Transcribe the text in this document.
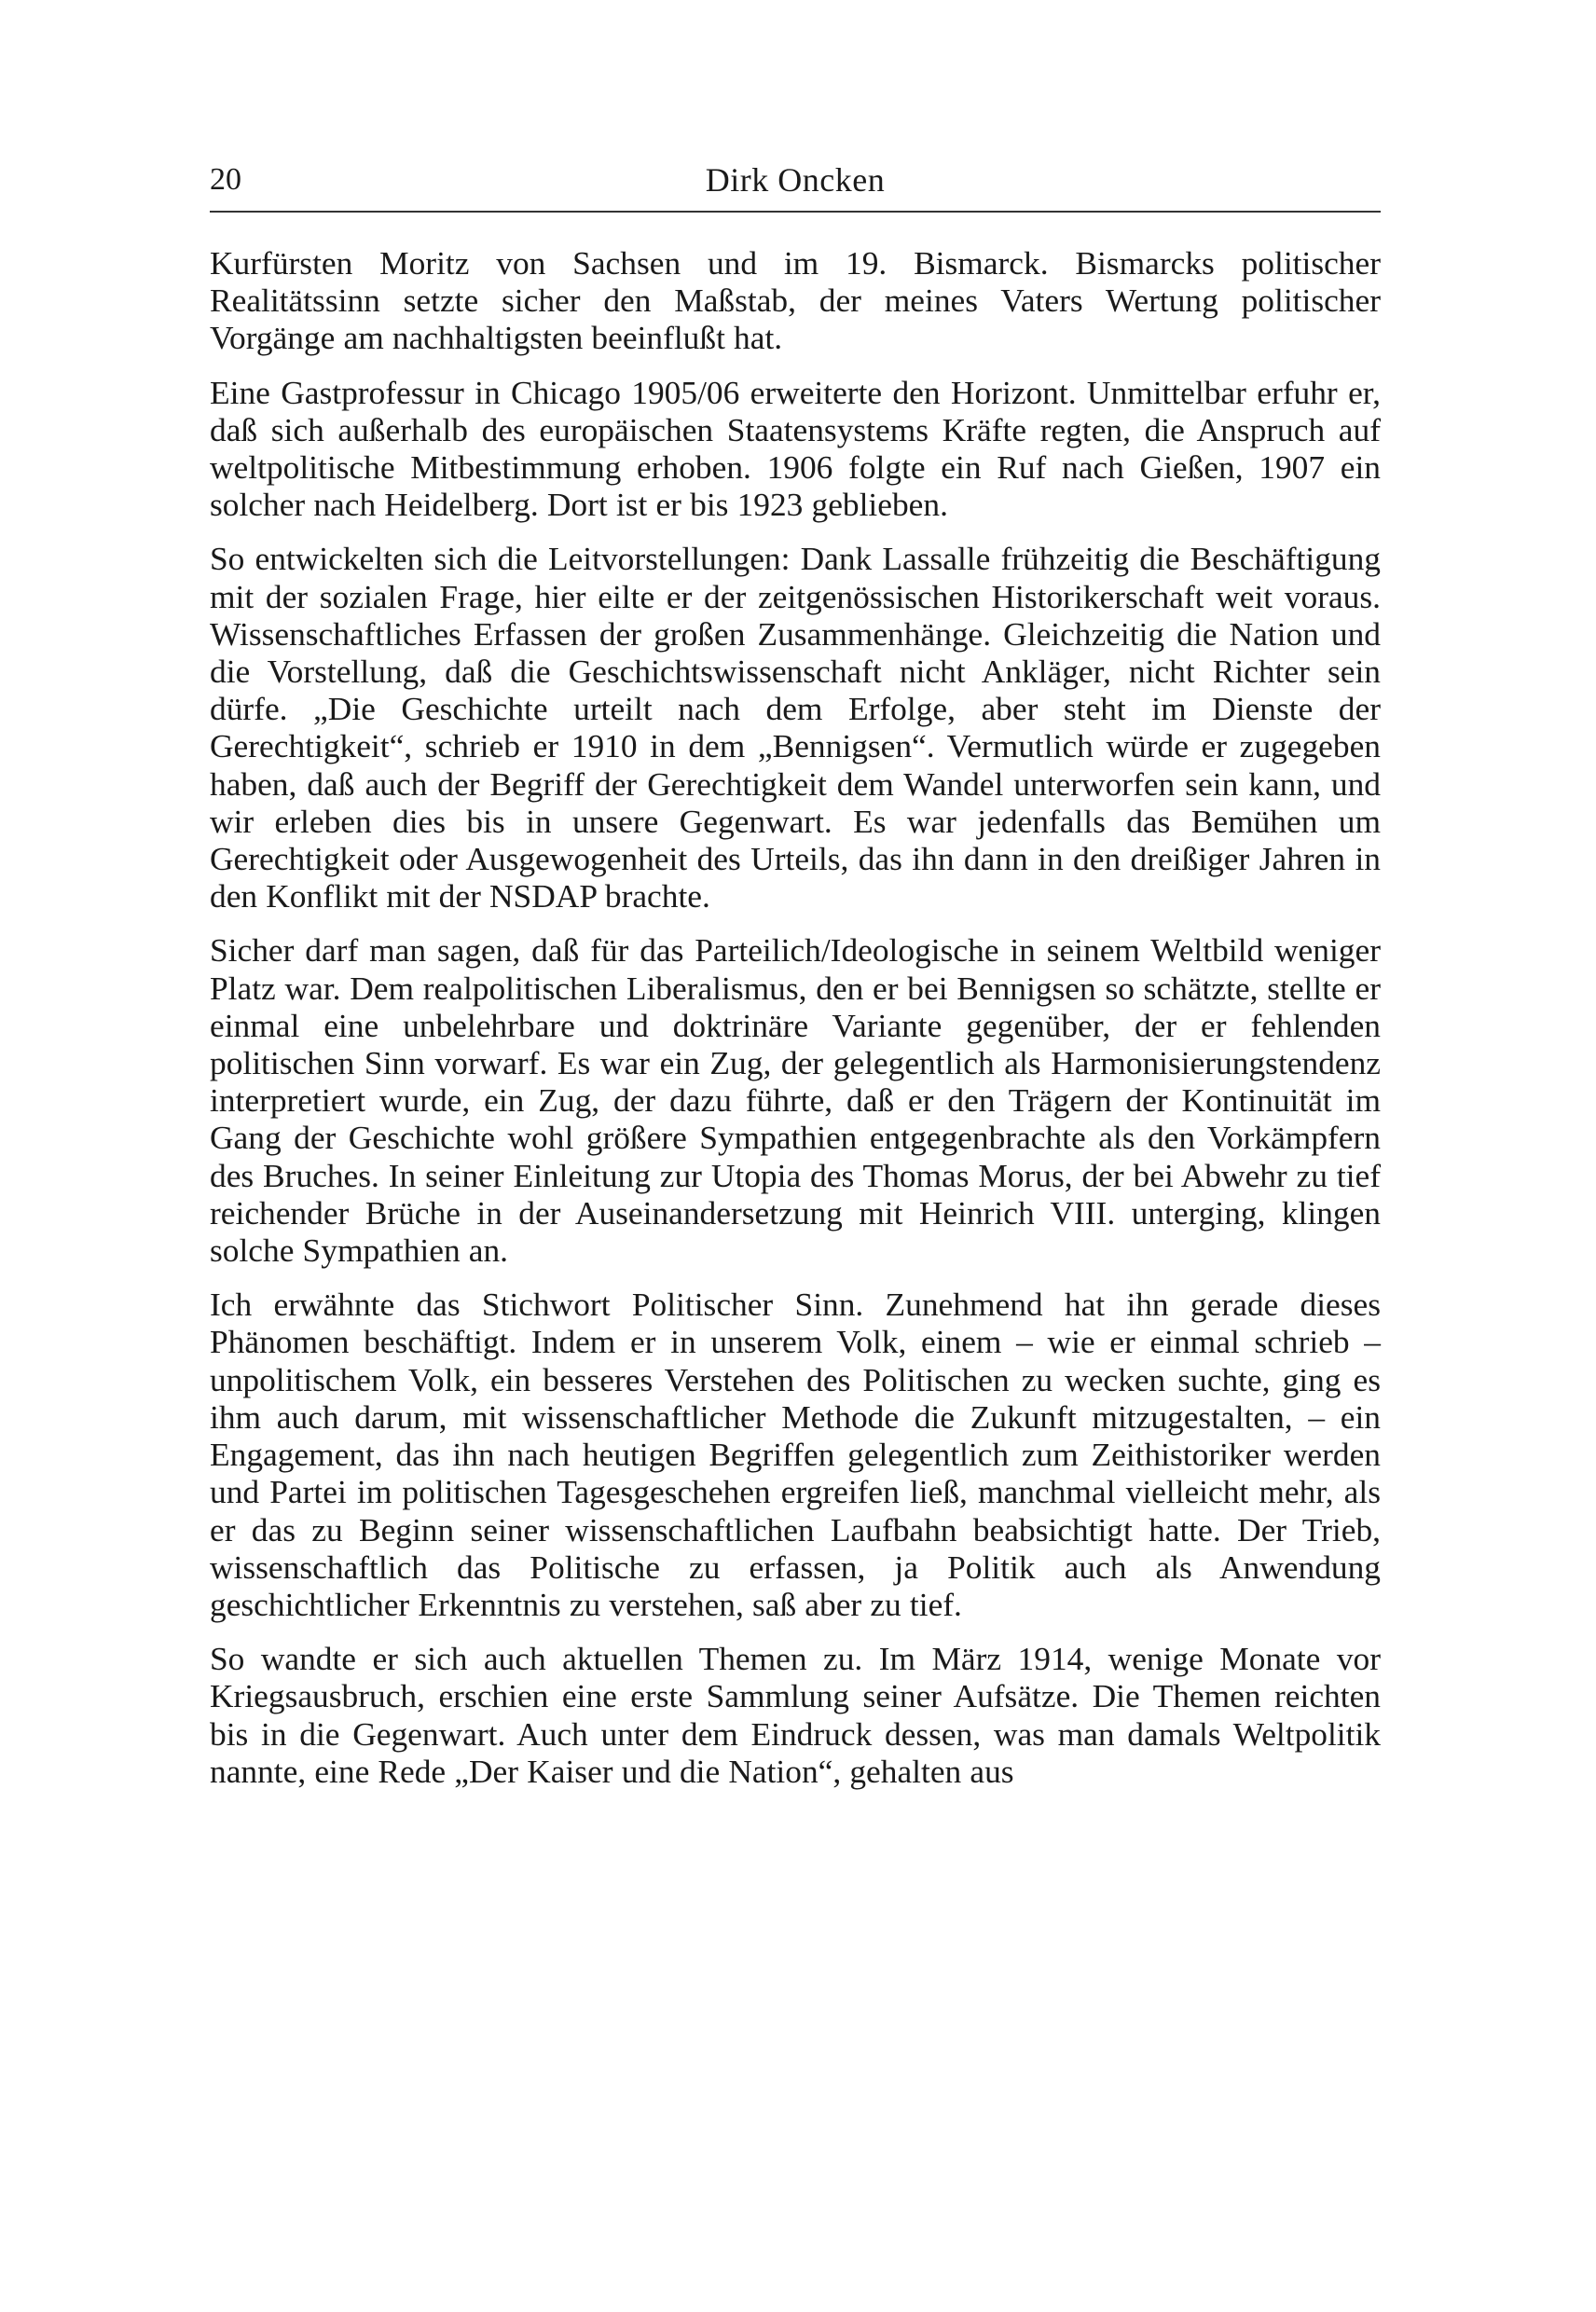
20	Dirk Oncken

Kurfürsten Moritz von Sachsen und im 19. Bismarck. Bismarcks politischer Realitätssinn setzte sicher den Maßstab, der meines Vaters Wertung politischer Vorgänge am nachhaltigsten beeinflußt hat.

Eine Gastprofessur in Chicago 1905/06 erweiterte den Horizont. Unmittelbar erfuhr er, daß sich außerhalb des europäischen Staatensystems Kräfte regten, die Anspruch auf weltpolitische Mitbestimmung erhoben. 1906 folgte ein Ruf nach Gießen, 1907 ein solcher nach Heidelberg. Dort ist er bis 1923 geblieben.

So entwickelten sich die Leitvorstellungen: Dank Lassalle frühzeitig die Beschäftigung mit der sozialen Frage, hier eilte er der zeitgenössischen Historikerschaft weit voraus. Wissenschaftliches Erfassen der großen Zusammenhänge. Gleichzeitig die Nation und die Vorstellung, daß die Geschichtswissenschaft nicht Ankläger, nicht Richter sein dürfe. „Die Geschichte urteilt nach dem Erfolge, aber steht im Dienste der Gerechtigkeit“, schrieb er 1910 in dem „Bennigsen“. Vermutlich würde er zugegeben haben, daß auch der Begriff der Gerechtigkeit dem Wandel unterworfen sein kann, und wir erleben dies bis in unsere Gegenwart. Es war jedenfalls das Bemühen um Gerechtigkeit oder Ausgewogenheit des Urteils, das ihn dann in den dreißiger Jahren in den Konflikt mit der NSDAP brachte.

Sicher darf man sagen, daß für das Parteilich/Ideologische in seinem Weltbild weniger Platz war. Dem realpolitischen Liberalismus, den er bei Bennigsen so schätzte, stellte er einmal eine unbelehrbare und doktrinäre Variante gegenüber, der er fehlenden politischen Sinn vorwarf. Es war ein Zug, der gelegentlich als Harmonisierungstendenz interpretiert wurde, ein Zug, der dazu führte, daß er den Trägern der Kontinuität im Gang der Geschichte wohl größere Sympathien entgegenbrachte als den Vorkämpfern des Bruches. In seiner Einleitung zur Utopia des Thomas Morus, der bei Abwehr zu tief reichender Brüche in der Auseinandersetzung mit Heinrich VIII. unterging, klingen solche Sympathien an.

Ich erwähnte das Stichwort Politischer Sinn. Zunehmend hat ihn gerade dieses Phänomen beschäftigt. Indem er in unserem Volk, einem – wie er einmal schrieb – unpolitischem Volk, ein besseres Verstehen des Politischen zu wecken suchte, ging es ihm auch darum, mit wissenschaftlicher Methode die Zukunft mitzugestalten, – ein Engagement, das ihn nach heutigen Begriffen gelegentlich zum Zeithistoriker werden und Partei im politischen Tagesgeschehen ergreifen ließ, manchmal vielleicht mehr, als er das zu Beginn seiner wissenschaftlichen Laufbahn beabsichtigt hatte. Der Trieb, wissenschaftlich das Politische zu erfassen, ja Politik auch als Anwendung geschichtlicher Erkenntnis zu verstehen, saß aber zu tief.

So wandte er sich auch aktuellen Themen zu. Im März 1914, wenige Monate vor Kriegsausbruch, erschien eine erste Sammlung seiner Aufsätze. Die Themen reichten bis in die Gegenwart. Auch unter dem Eindruck dessen, was man damals Weltpolitik nannte, eine Rede „Der Kaiser und die Nation“, gehalten aus
